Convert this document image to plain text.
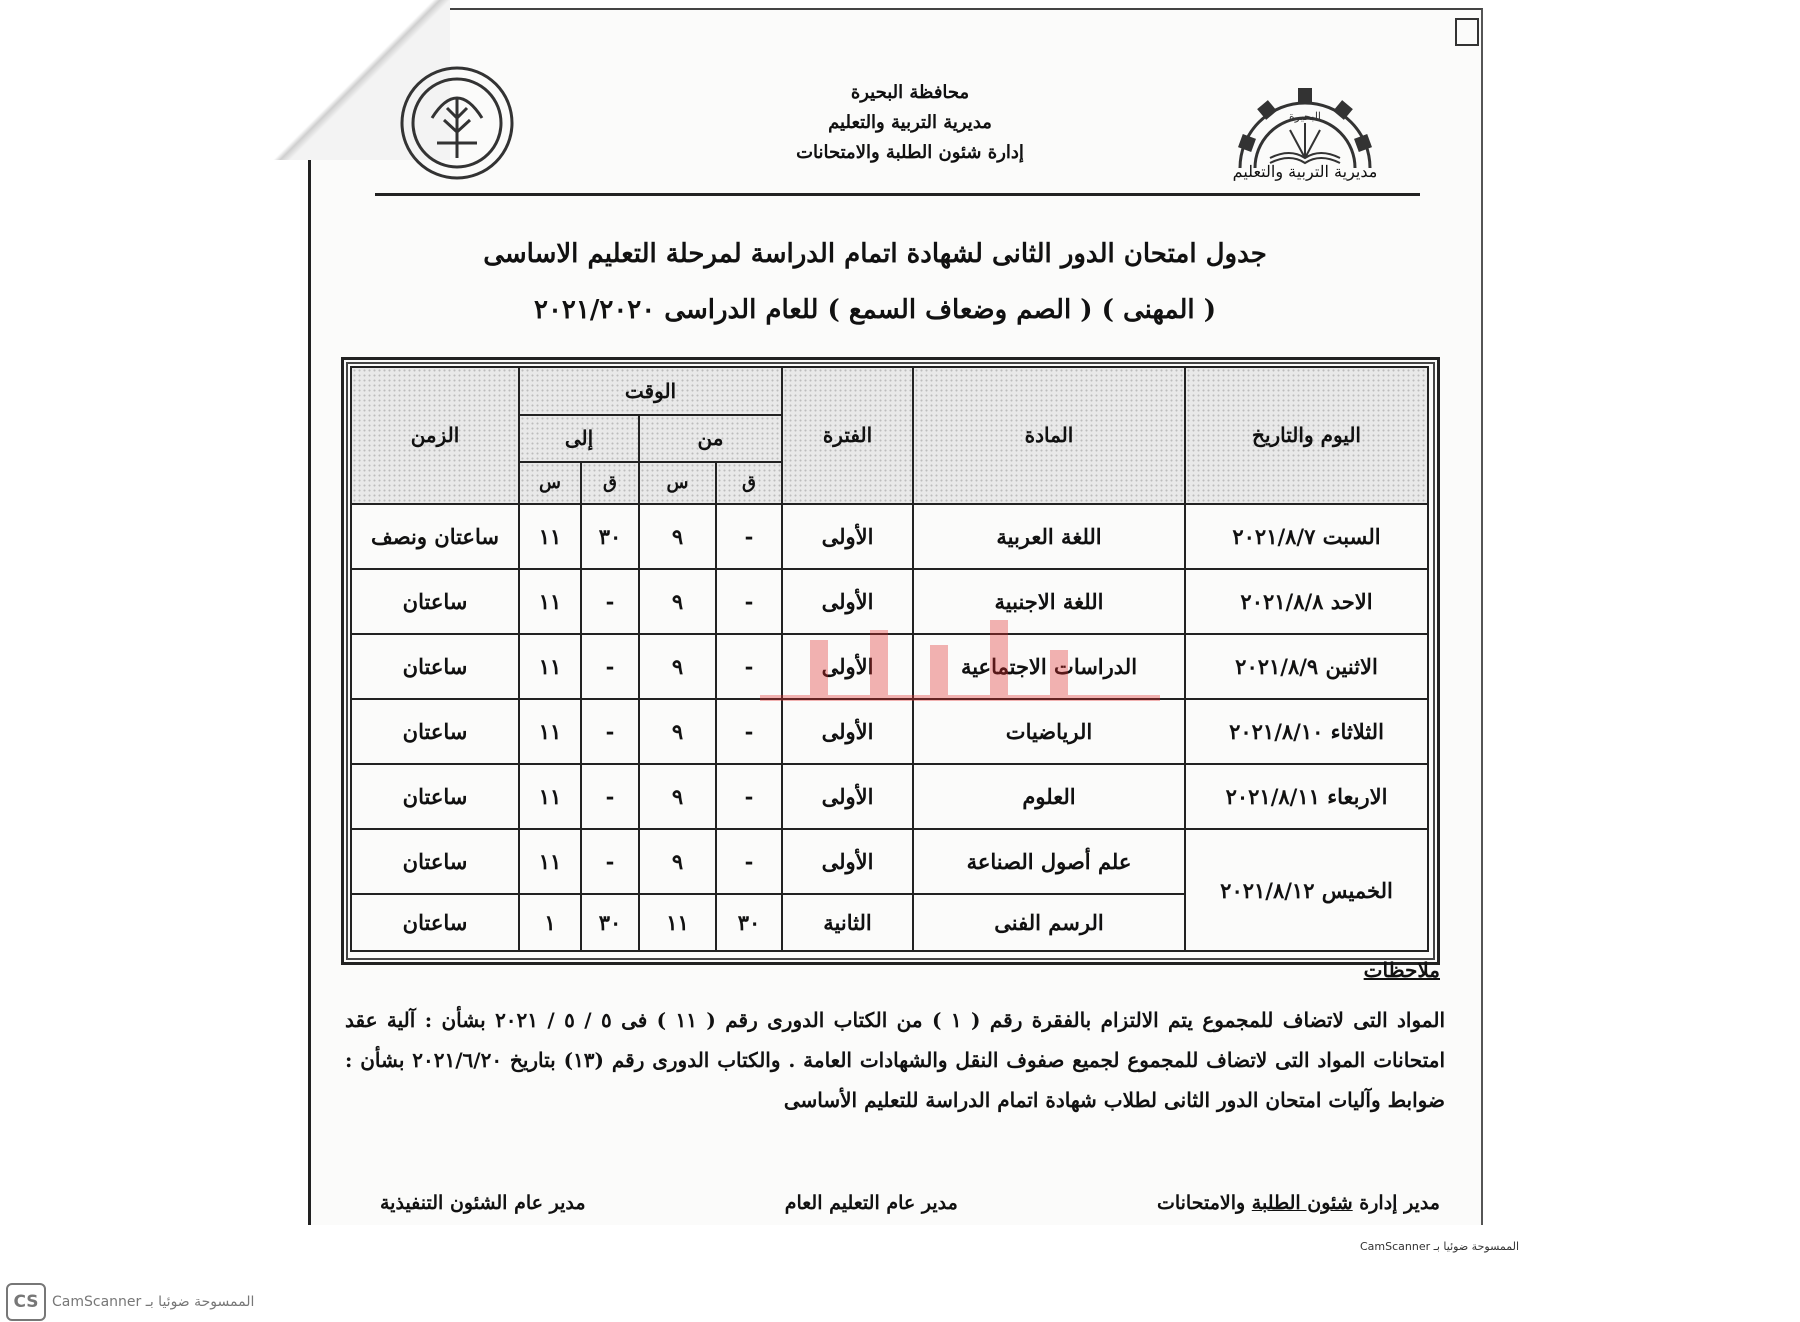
البحيرة
مديرية التربية والتعليم
محافظة البحيرة
مديرية التربية والتعليم
إدارة شئون الطلبة والامتحانات
جدول امتحان الدور الثانى لشهادة اتمام الدراسة لمرحلة التعليم الاساسى
( المهنى ) ( الصم وضعاف السمع ) للعام الدراسى ٢٠٢١/٢٠٢٠
اليوم والتاريخ	المادة	الفترة	الوقت				الزمن
			من		إلى		
			ق	س	ق	س	
السبت ٢٠٢١/٨/٧	اللغة العربية	الأولى	-	٩	٣٠	١١	ساعتان ونصف
الاحد ٢٠٢١/٨/٨	اللغة الاجنبية	الأولى	-	٩	-	١١	ساعتان
الاثنين ٢٠٢١/٨/٩	الدراسات الاجتماعية	الأولى	-	٩	-	١١	ساعتان
الثلاثاء ٢٠٢١/٨/١٠	الرياضيات	الأولى	-	٩	-	١١	ساعتان
الاربعاء ٢٠٢١/٨/١١	العلوم	الأولى	-	٩	-	١١	ساعتان
الخميس ٢٠٢١/٨/١٢	علم أصول الصناعة	الأولى	-	٩	-	١١	ساعتان
	الرسم الفنى	الثانية	٣٠	١١	٣٠	١	ساعتان
ملاحظات
المواد التى لاتضاف للمجموع يتم الالتزام بالفقرة رقم ( ١ ) من الكتاب الدورى رقم ( ١١ ) فى ٥ / ٥ / ٢٠٢١ بشأن : آلية عقد امتحانات المواد التى لاتضاف للمجموع لجميع صفوف النقل والشهادات العامة . والكتاب الدورى رقم (١٣) بتاريخ ٢٠٢١/٦/٢٠ بشأن : ضوابط وآليات امتحان الدور الثانى لطلاب شهادة اتمام الدراسة للتعليم الأساسى
مدير إدارة شئون الطلبة والامتحانات
مدير عام التعليم العام
مدير عام الشئون التنفيذية
الممسوحة ضوئيا بـ CamScanner
CS الممسوحة ضوئيا بـ CamScanner
